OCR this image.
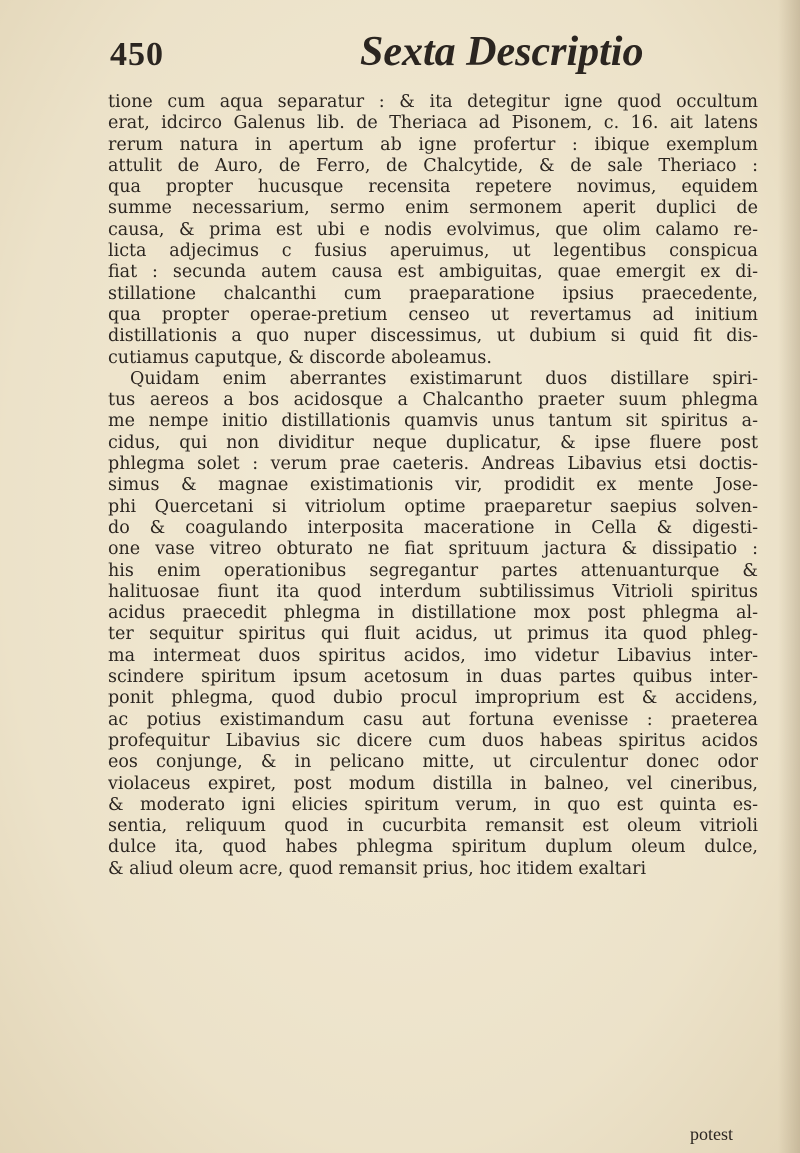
450	Sexta Descriptio
tione cum aqua separatur : & ita detegitur igne quod occultum
erat, idcirco Galenus lib. de Theriaca ad Pisonem, c. 16. ait latens
rerum natura in apertum ab igne profertur : ibique exemplum
attulit de Auro, de Ferro, de Chalcytide, & de sale Theriaco :
qua propter hucusque recensita repetere novimus, equidem
summe necessarium, sermo enim sermonem aperit duplici de
causa, & prima est ubi e nodis evolvimus, que olim calamo re-
licta adjecimus c fusius aperuimus, ut legentibus conspicua
fiat : secunda autem causa est ambiguitas, quae emergit ex di-
stillatione chalcanthi cum praeparatione ipsius praecedente,
qua propter operae-pretium censeo ut revertamus ad initium
distillationis a quo nuper discessimus, ut dubium si quid fit dis-
cutiamus caputque, & discorde aboleamus.
Quidam enim aberrantes existimarunt duos distillare spiri-
tus aereos a bos acidosque a Chalcantho praeter suum phlegma
me nempe initio distillationis quamvis unus tantum sit spiritus a-
cidus, qui non dividitur neque duplicatur, & ipse fluere post
phlegma solet : verum prae caeteris. Andreas Libavius etsi doctis-
simus & magnae existimationis vir, prodidit ex mente Jose-
phi Quercetani si vitriolum optime praeparetur saepius solven-
do & coagulando interposita maceratione in Cella & digesti-
one vase vitreo obturato ne fiat sprituum jactura & dissipatio :
his enim operationibus segregantur partes attenuanturque &
halituosae fiunt ita quod interdum subtilissimus Vitrioli spiritus
acidus praecedit phlegma in distillatione mox post phlegma al-
ter sequitur spiritus qui fluit acidus, ut primus ita quod phleg-
ma intermeat duos spiritus acidos, imo videtur Libavius inter-
scindere spiritum ipsum acetosum in duas partes quibus inter-
ponit phlegma, quod dubio procul improprium est & accidens,
ac potius existimandum casu aut fortuna evenisse : praeterea
profequitur Libavius sic dicere cum duos habeas spiritus acidos
eos conjunge, & in pelicano mitte, ut circulentur donec odor
violaceus expiret, post modum distilla in balneo, vel cineribus,
& moderato igni elicies spiritum verum, in quo est quinta es-
sentia, reliquum quod in cucurbita remansit est oleum vitrioli
dulce ita, quod habes phlegma spiritum duplum oleum dulce,
& aliud oleum acre, quod remansit prius, hoc itidem exaltari
potest
